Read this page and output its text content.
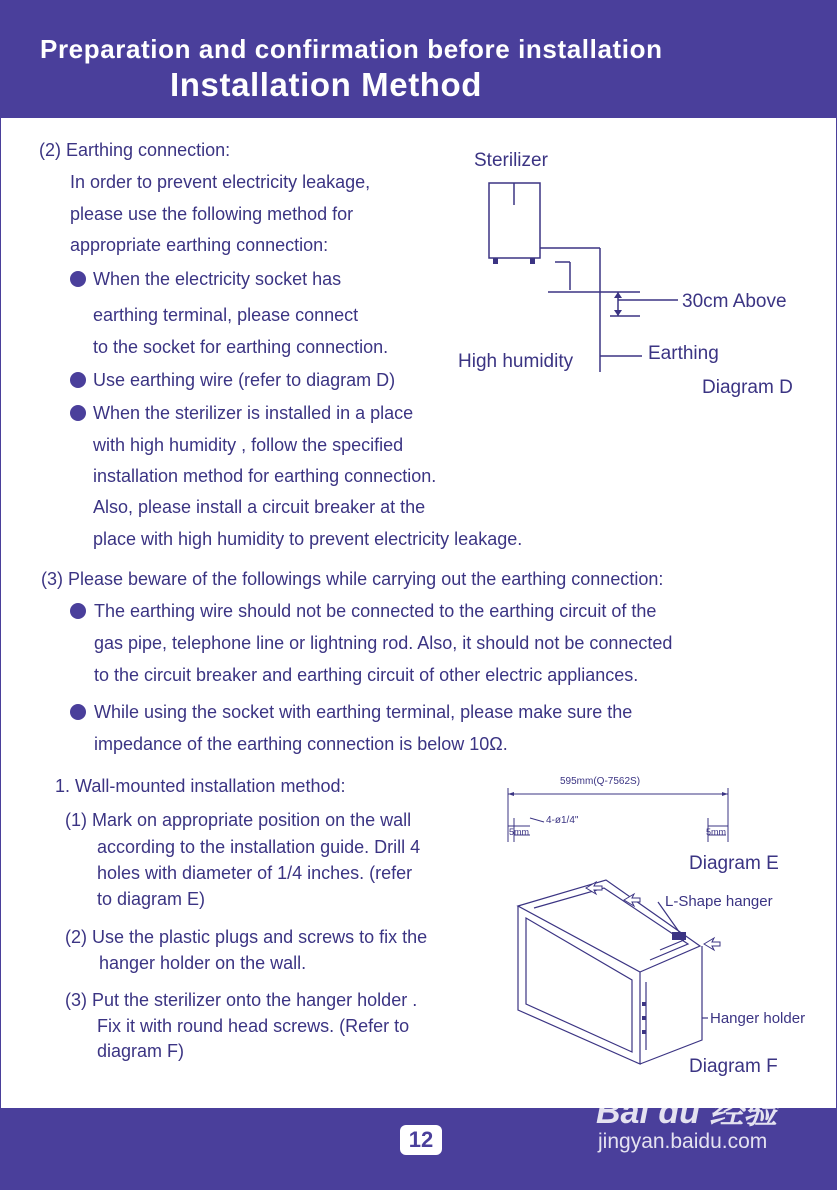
Preparation and confirmation before installation
Installation Method
(2) Earthing connection:
In order to prevent electricity leakage,
please use the following method for
appropriate earthing connection:
When the electricity socket has
earthing terminal, please connect
to the socket for earthing connection.
Use earthing wire (refer to diagram D)
When the sterilizer is installed in a place
with high humidity , follow the specified
installation method for earthing connection.
Also, please install a circuit breaker at the
place with high humidity to prevent electricity leakage.
Sterilizer
30cm Above
High humidity	Earthing
Diagram D
(3) Please beware of the followings while carrying out the earthing connection:
The earthing wire should not be connected to the earthing circuit of the
gas pipe, telephone line or lightning rod. Also, it should not be connected
to the circuit breaker and earthing circuit of other electric appliances.
While using the socket with earthing terminal, please make sure the
impedance of the earthing connection is below 10Ω.
1. Wall-mounted installation method:
(1) Mark on appropriate position on the wall
according to the installation guide. Drill 4
holes with diameter of 1/4 inches. (refer
to diagram E)
(2) Use the plastic plugs and screws to fix the
hanger holder on the wall.
(3) Put the sterilizer onto the hanger holder .
Fix it with round head screws. (Refer to
diagram F)
595mm(Q-7562S)
4-ø1/4"
5mm	5mm
Diagram E
L-Shape hanger
Hanger holder
Diagram F
12
Bai du 经验
jingyan.baidu.com
